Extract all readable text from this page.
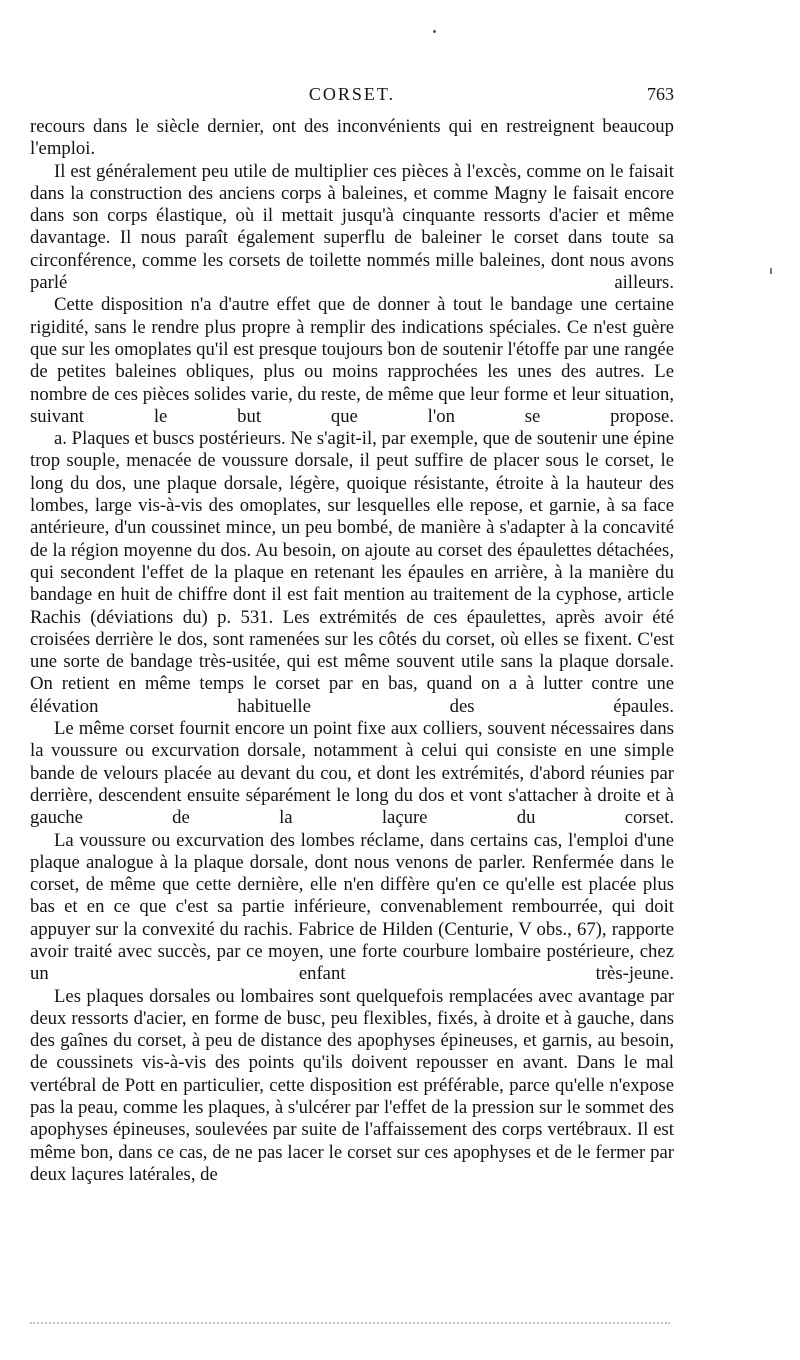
CORSET.	763

recours dans le siècle dernier, ont des inconvénients qui en restreignent beaucoup l'emploi.

Il est généralement peu utile de multiplier ces pièces à l'excès, comme on le faisait dans la construction des anciens corps à baleines, et comme Magny le faisait encore dans son corps élastique, où il mettait jusqu'à cinquante ressorts d'acier et même davantage. Il nous paraît également superflu de baleiner le corset dans toute sa circonférence, comme les corsets de toilette nommés mille baleines, dont nous avons parlé ailleurs.

Cette disposition n'a d'autre effet que de donner à tout le bandage une certaine rigidité, sans le rendre plus propre à remplir des indications spéciales. Ce n'est guère que sur les omoplates qu'il est presque toujours bon de soutenir l'étoffe par une rangée de petites baleines obliques, plus ou moins rapprochées les unes des autres. Le nombre de ces pièces solides varie, du reste, de même que leur forme et leur situation, suivant le but que l'on se propose.

a. Plaques et buscs postérieurs. Ne s'agit-il, par exemple, que de soutenir une épine trop souple, menacée de voussure dorsale, il peut suffire de placer sous le corset, le long du dos, une plaque dorsale, légère, quoique résistante, étroite à la hauteur des lombes, large vis-à-vis des omoplates, sur lesquelles elle repose, et garnie, à sa face antérieure, d'un coussinet mince, un peu bombé, de manière à s'adapter à la concavité de la région moyenne du dos. Au besoin, on ajoute au corset des épaulettes détachées, qui secondent l'effet de la plaque en retenant les épaules en arrière, à la manière du bandage en huit de chiffre dont il est fait mention au traitement de la cyphose, article Rachis (déviations du) p. 531. Les extrémités de ces épaulettes, après avoir été croisées derrière le dos, sont ramenées sur les côtés du corset, où elles se fixent. C'est une sorte de bandage très-usitée, qui est même souvent utile sans la plaque dorsale. On retient en même temps le corset par en bas, quand on a à lutter contre une élévation habituelle des épaules.

Le même corset fournit encore un point fixe aux colliers, souvent nécessaires dans la voussure ou excurvation dorsale, notamment à celui qui consiste en une simple bande de velours placée au devant du cou, et dont les extrémités, d'abord réunies par derrière, descendent ensuite séparément le long du dos et vont s'attacher à droite et à gauche de la laçure du corset.

La voussure ou excurvation des lombes réclame, dans certains cas, l'emploi d'une plaque analogue à la plaque dorsale, dont nous venons de parler. Renfermée dans le corset, de même que cette dernière, elle n'en diffère qu'en ce qu'elle est placée plus bas et en ce que c'est sa partie inférieure, convenablement rembourrée, qui doit appuyer sur la convexité du rachis. Fabrice de Hilden (Centurie, V obs., 67), rapporte avoir traité avec succès, par ce moyen, une forte courbure lombaire postérieure, chez un enfant très-jeune.

Les plaques dorsales ou lombaires sont quelquefois remplacées avec avantage par deux ressorts d'acier, en forme de busc, peu flexibles, fixés, à droite et à gauche, dans des gaînes du corset, à peu de distance des apophyses épineuses, et garnis, au besoin, de coussinets vis-à-vis des points qu'ils doivent repousser en avant. Dans le mal vertébral de Pott en particulier, cette disposition est préférable, parce qu'elle n'expose pas la peau, comme les plaques, à s'ulcérer par l'effet de la pression sur le sommet des apophyses épineuses, soulevées par suite de l'affaissement des corps vertébraux. Il est même bon, dans ce cas, de ne pas lacer le corset sur ces apophyses et de le fermer par deux laçures latérales, de
